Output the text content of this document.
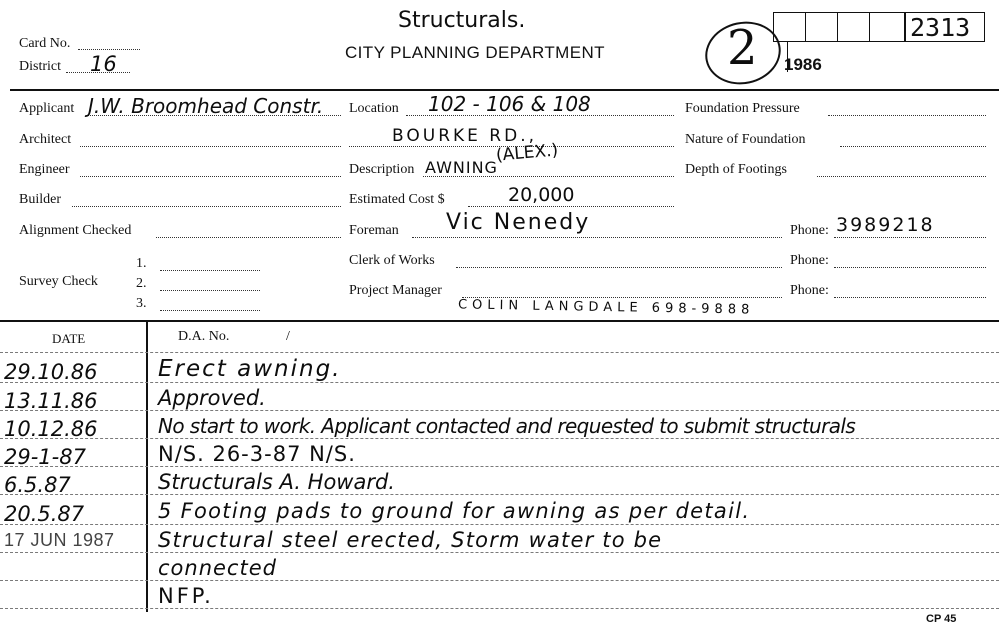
Card No.
District 16
Structurals.
CITY PLANNING DEPARTMENT	2	2313
1986
Applicant J.W. Broomhead Constr.
Architect
Engineer
Builder
Alignment Checked
Survey Check
1.
2.
3.
Location 102 - 106 & 108
BOURKE RD.,
Description AWNING
(ALEX.)
Estimated Cost $	20,000
Foreman Vic Nenedy
Clerk of Works
Project Manager
COLIN LANGDALE 698-9888
Foundation Pressure
Nature of Foundation
Depth of Footings
Phone: 3989218
Phone:
Phone:
DATE	D.A. No.	/
29.10.86	Erect awning.
13.11.86	Approved.
10.12.86	No start to work. Applicant contacted and requested to submit structurals
29-1-87	N/S. 26-3-87 N/S.
6.5.87	Structurals A. Howard.
20.5.87	5 Footing pads to ground for awning as per detail.
17 JUN 1987	Structural steel erected, Storm water to be
connected
NFP.
CP 45
